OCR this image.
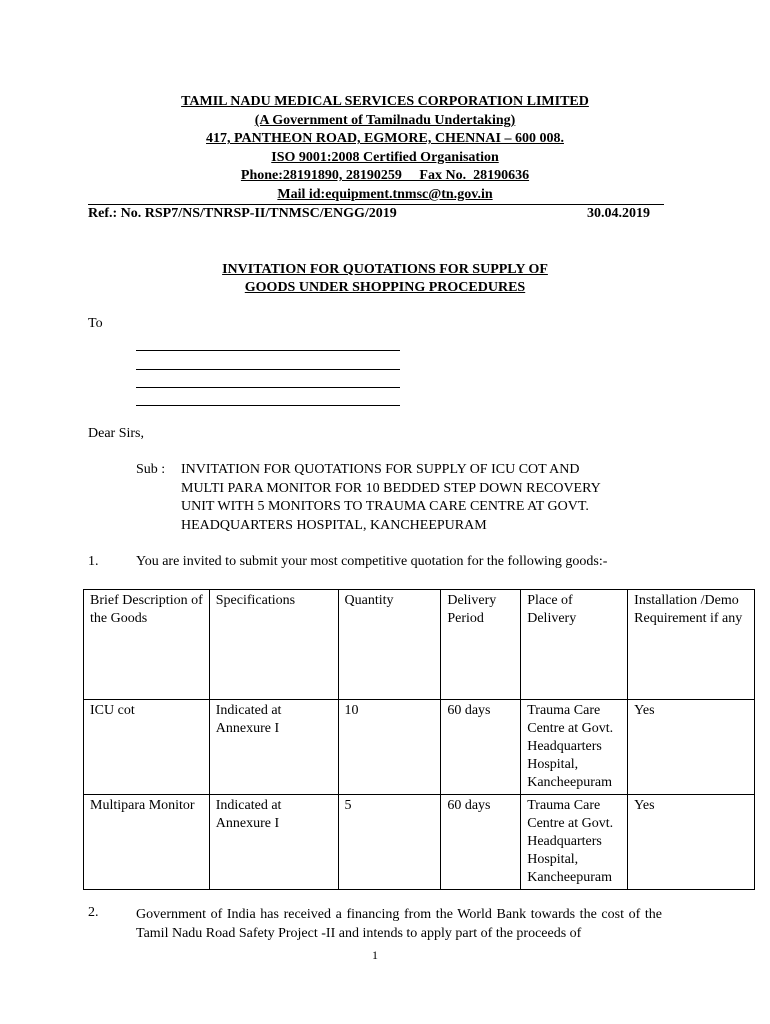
TAMIL NADU MEDICAL SERVICES CORPORATION LIMITED
(A Government of Tamilnadu Undertaking)
417, PANTHEON ROAD, EGMORE, CHENNAI – 600 008.
ISO 9001:2008 Certified Organisation
Phone:28191890, 28190259     Fax No.  28190636
Mail id:equipment.tnmsc@tn.gov.in
Ref.: No. RSP7/NS/TNRSP-II/TNMSC/ENGG/2019	30.04.2019
INVITATION FOR QUOTATIONS FOR SUPPLY OF
GOODS UNDER SHOPPING PROCEDURES
To
Dear Sirs,
Sub : INVITATION FOR QUOTATIONS FOR SUPPLY OF ICU COT AND
MULTI PARA MONITOR FOR 10 BEDDED STEP DOWN RECOVERY
UNIT WITH 5 MONITORS TO TRAUMA CARE CENTRE AT GOVT.
HEADQUARTERS HOSPITAL, KANCHEEPURAM
1.	You are invited to submit your most competitive quotation for the following goods:-
Brief Description of the Goods	Specifications	Quantity	Delivery Period	Place of Delivery	Installation /Demo Requirement if any
ICU cot	Indicated at Annexure I	10	60 days	Trauma Care Centre at Govt. Headquarters Hospital, Kancheepuram	Yes
Multipara Monitor	Indicated at Annexure I	5	60 days	Trauma Care Centre at Govt. Headquarters Hospital, Kancheepuram	Yes
2.	Government of India has received a financing from the World Bank towards the cost of the Tamil Nadu Road Safety Project -II and intends to apply part of the proceeds of
1
